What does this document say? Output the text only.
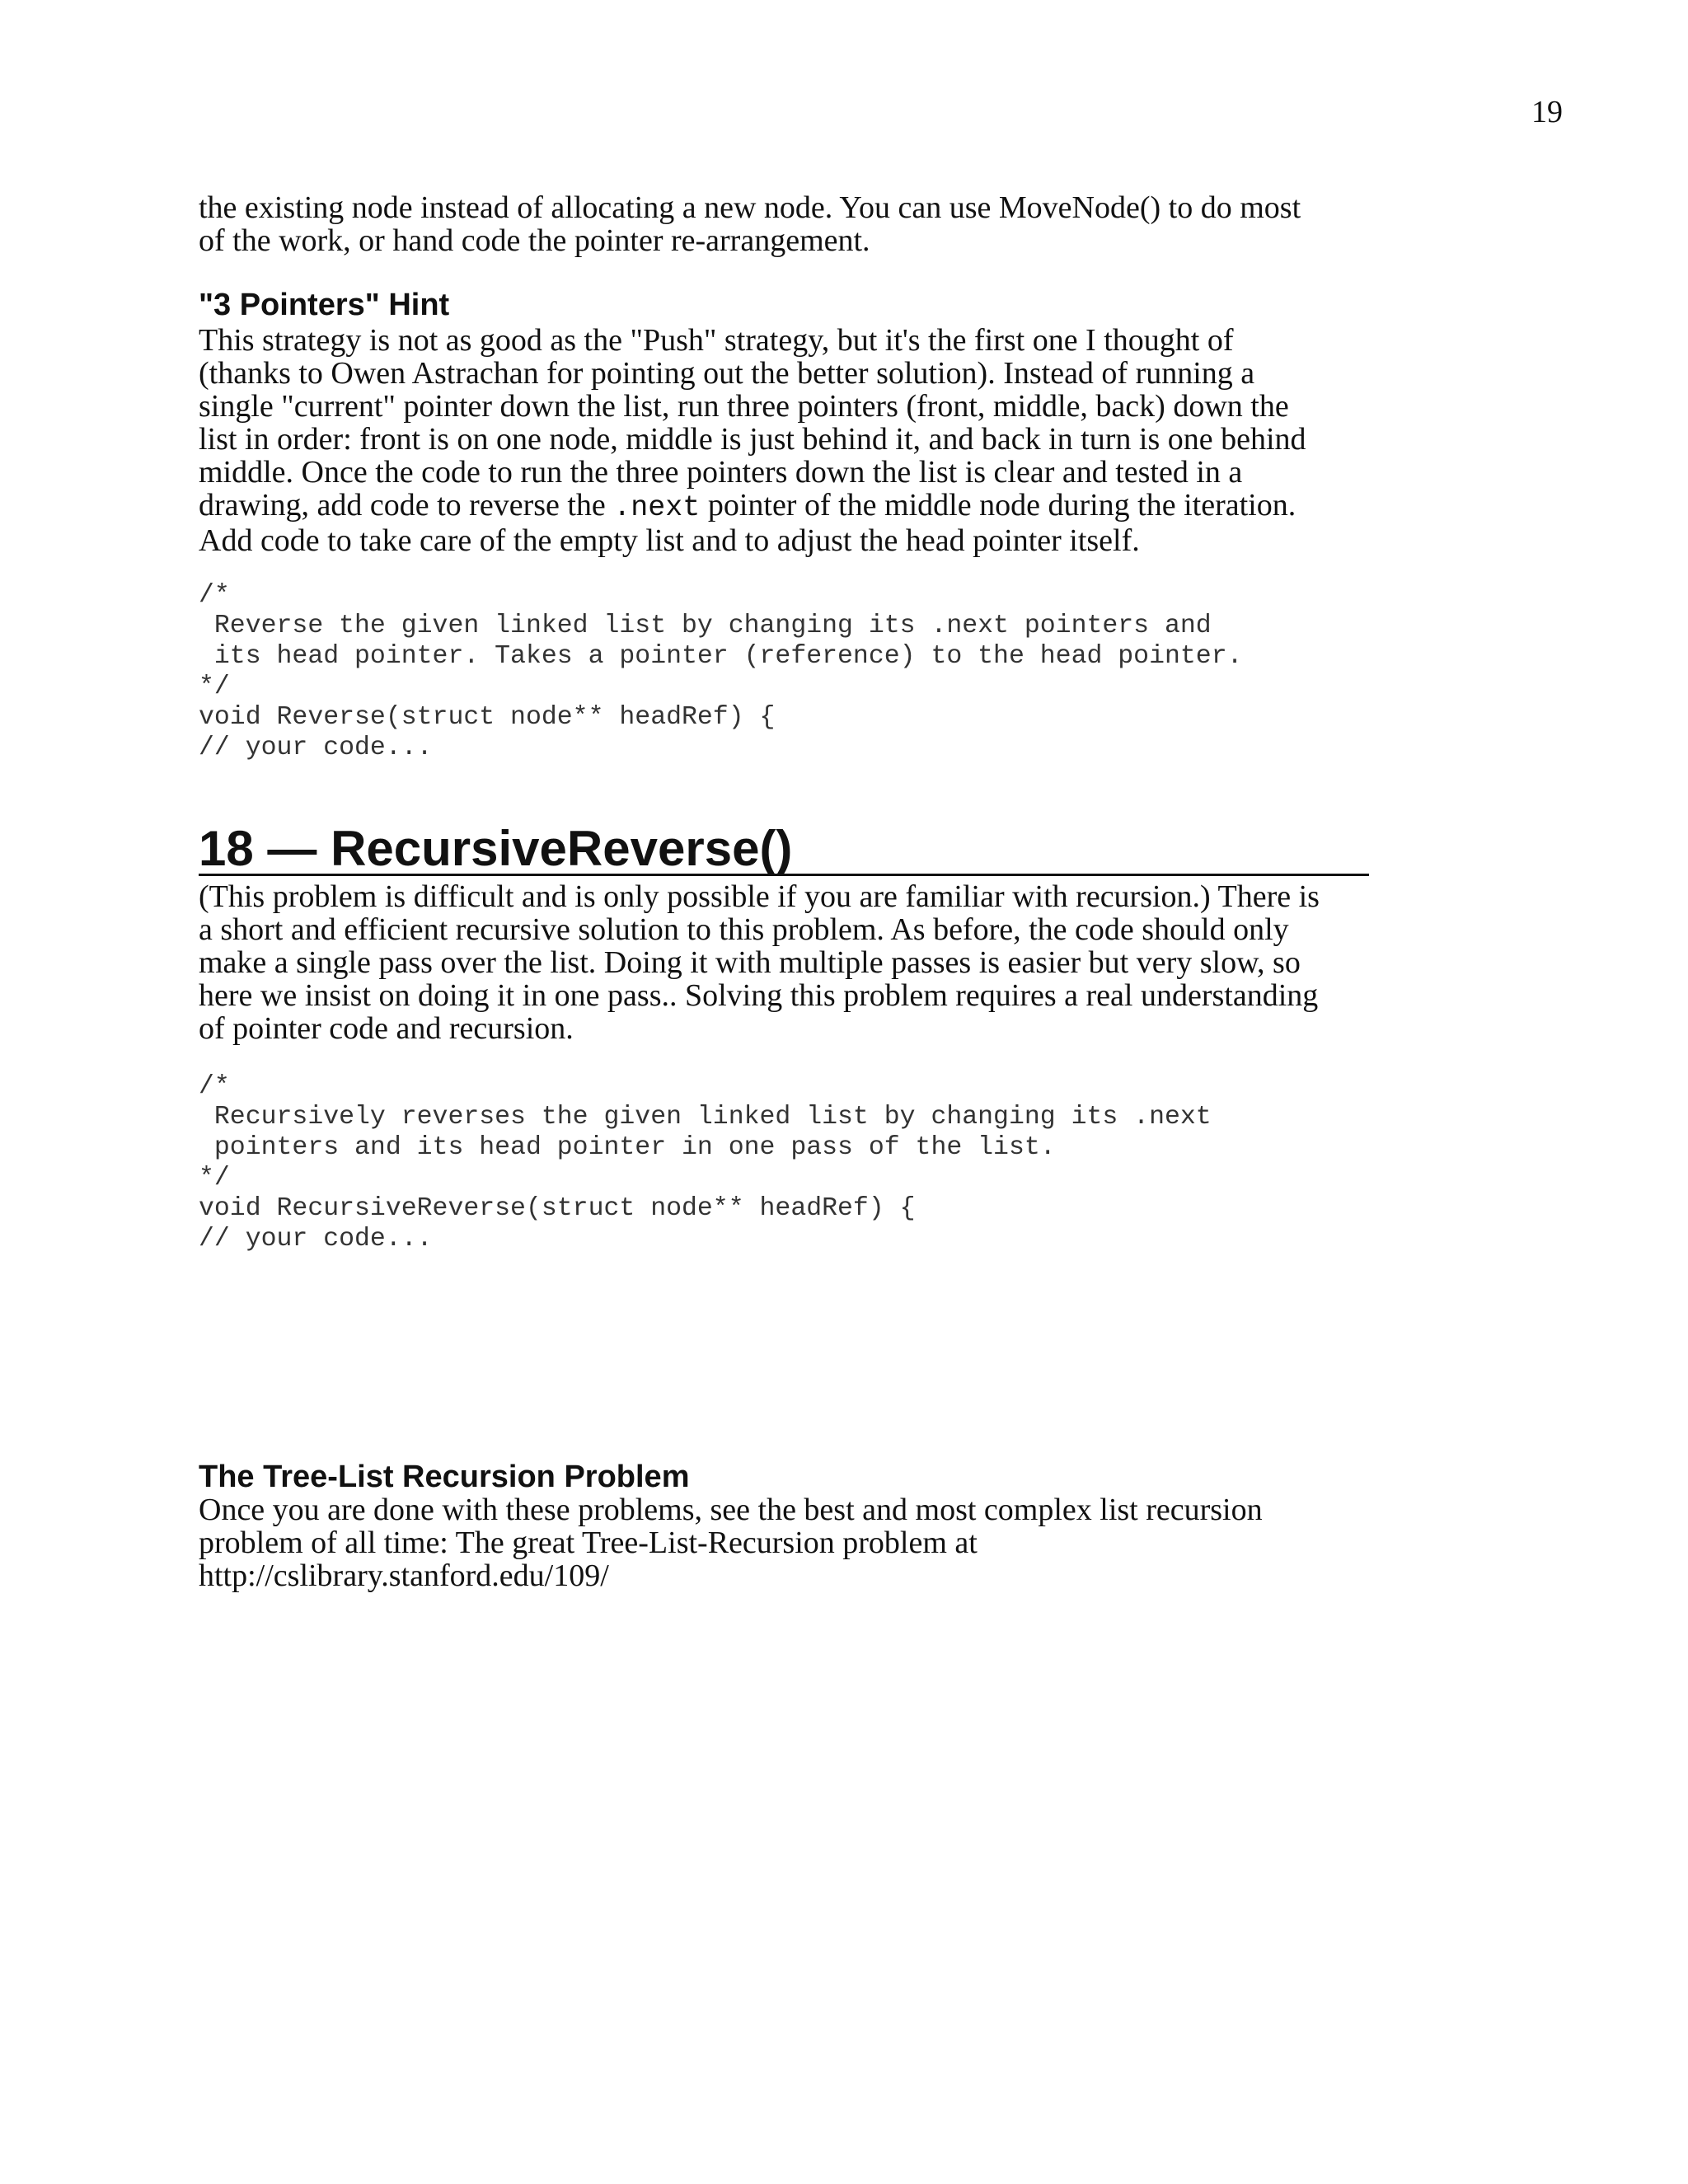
19

the existing node instead of allocating a new node. You can use MoveNode() to do most
of the work, or hand code the pointer re-arrangement.

"3 Pointers" Hint

This strategy is not as good as the "Push" strategy, but it's the first one I thought of
(thanks to Owen Astrachan for pointing out the better solution). Instead of running a
single "current" pointer down the list, run three pointers (front, middle, back) down the
list in order: front is on one node, middle is just behind it, and back in turn is one behind
middle. Once the code to run the three pointers down the list is clear and tested in a
drawing, add code to reverse the .next pointer of the middle node during the iteration.
Add code to take care of the empty list and to adjust the head pointer itself.

/*
Reverse the given linked list by changing its .next pointers and
its head pointer. Takes a pointer (reference) to the head pointer.
*/
void Reverse(struct node** headRef) {
// your code...
18 — RecursiveReverse()

(This problem is difficult and is only possible if you are familiar with recursion.) There is
a short and efficient recursive solution to this problem. As before, the code should only
make a single pass over the list. Doing it with multiple passes is easier but very slow, so
here we insist on doing it in one pass.. Solving this problem requires a real understanding
of pointer code and recursion.

/*
Recursively reverses the given linked list by changing its .next
pointers and its head pointer in one pass of the list.
*/
void RecursiveReverse(struct node** headRef) {
// your code...
The Tree-List Recursion Problem

Once you are done with these problems, see the best and most complex list recursion
problem of all time: The great Tree-List-Recursion problem at
http://cslibrary.stanford.edu/109/
